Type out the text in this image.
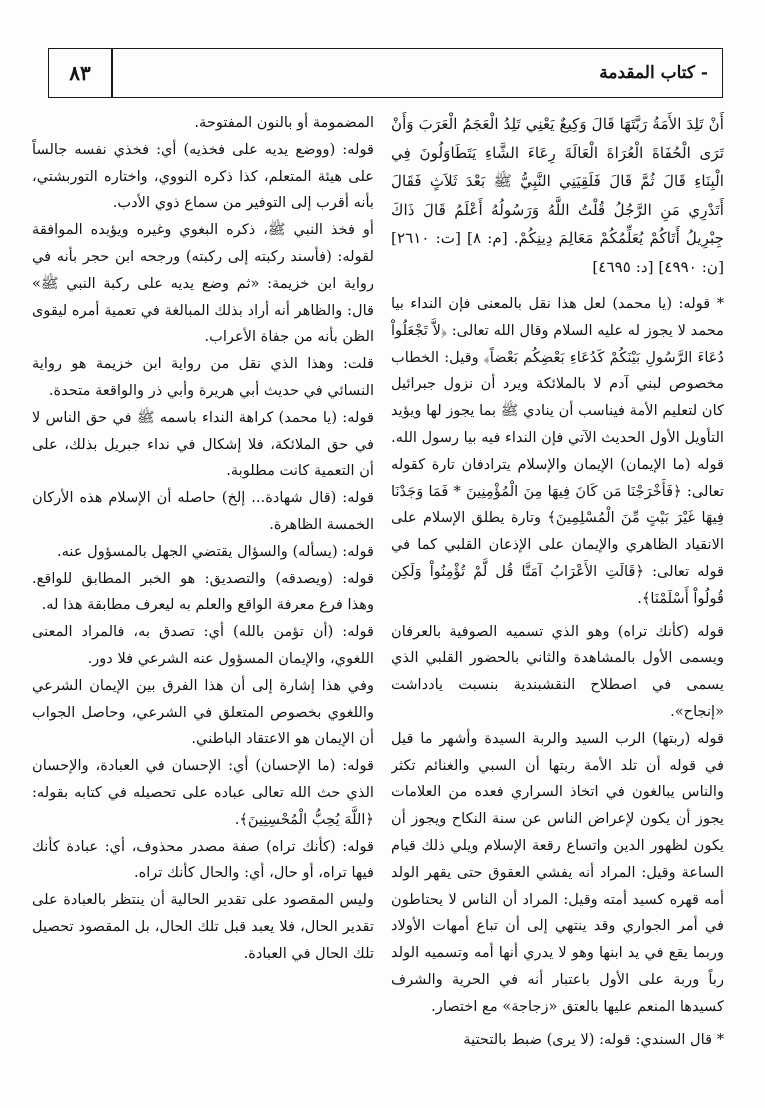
٨٣	- كتاب المقدمة

أَنْ تَلِدَ الأَمَةُ رَبَّتَهَا قَالَ وَكِيعٌ يَعْنِي تَلِدُ الْعَجَمُ الْعَرَبَ وَأَنْ تَرَى الْحُفَاةَ الْعُرَاةَ الْعَالَةَ رِعَاءَ الشَّاءِ يَتَطَاوَلُونَ فِي الْبِنَاءِ قَالَ ثُمَّ قَالَ فَلَقِيَنِي النَّبِيُّ ﷺ بَعْدَ ثَلاَثٍ فَقَالَ أَتَدْرِي مَنِ الرَّجُلُ قُلْتُ اللَّهُ وَرَسُولُهُ أَعْلَمُ قَالَ ذَاكَ جِبْرِيلُ أَتَاكُمْ يُعَلِّمُكُمْ مَعَالِمَ دِينِكُمْ. [م: ٨] [ت: ٢٦١٠] [ن: ٤٩٩٠] [د: ٤٦٩٥]

* قوله: (يا محمد) لعل هذا نقل بالمعنى فإن النداء بيا محمد لا يجوز له عليه السلام وقال الله تعالى: ﴿لاَّ تَجْعَلُواْ دُعَاءَ الرَّسُولِ بَيْنَكُمْ كَدُعَاءِ بَعْضِكُم بَعْضاً﴾ وقيل: الخطاب مخصوص لبني آدم لا بالملائكة ويرد أن نزول جبرائيل كان لتعليم الأمة فيناسب أن ينادي ﷺ بما يجوز لها ويؤيد التأويل الأول الحديث الآتي فإن النداء فيه بيا رسول الله.

قوله (ما الإيمان) الإيمان والإسلام يترادفان تارة كقوله تعالى: ﴿فَأَخْرَجْنَا مَن كَانَ فِيهَا مِنَ الْمُؤْمِنِينَ * فَمَا وَجَدْنَا فِيهَا غَيْرَ بَيْتٍ مِّنَ الْمُسْلِمِينَ﴾ وتارة يطلق الإسلام على الانقياد الظاهري والإيمان على الإذعان القلبي كما في قوله تعالى: ﴿قَالَتِ الأَعْرَابُ آمَنَّا قُل لَّمْ تُؤْمِنُواْ وَلَكِن قُولُواْ أَسْلَمْنَا﴾.

قوله (كأنك تراه) وهو الذي تسميه الصوفية بالعرفان ويسمى الأول بالمشاهدة والثاني بالحضور القلبي الذي يسمى في اصطلاح النقشبندية بنسبت يادداشت «إنجاح».

قوله (ربتها) الرب السيد والربة السيدة وأشهر ما قيل في قوله أن تلد الأمة ربتها أن السبي والغنائم تكثر والناس يبالغون في اتخاذ السراري فعده من العلامات يجوز أن يكون لإعراض الناس عن سنة النكاح ويجوز أن يكون لظهور الدين واتساع رقعة الإسلام ويلي ذلك قيام الساعة وقيل: المراد أنه يفشي العقوق حتى يقهر الولد أمه قهره كسيد أمته وقيل: المراد أن الناس لا يحتاطون في أمر الجواري وقد ينتهي إلى أن تباع أمهات الأولاد وربما يقع في يد ابنها وهو لا يدري أنها أمه وتسميه الولد رباً وربة على الأول باعتبار أنه في الحرية والشرف كسيدها المنعم عليها بالعتق «زجاجة» مع اختصار.

* قال السندي: قوله: (لا يرى) ضبط بالتحتية

المضمومة أو بالنون المفتوحة.

قوله: (ووضع يديه على فخذيه) أي: فخذي نفسه جالساً على هيئة المتعلم، كذا ذكره النووي، واختاره التوربشتي، بأنه أقرب إلى التوفير من سماع ذوي الأدب.

أو فخذ النبي ﷺ، ذكره البغوي وغيره ويؤيده الموافقة لقوله: (فأسند ركبته إلى ركبته) ورجحه ابن حجر بأنه في رواية ابن خزيمة: «ثم وضع يديه على ركبة النبي ﷺ» قال: والظاهر أنه أراد بذلك المبالغة في تعمية أمره ليقوى الظن بأنه من جفاة الأعراب.

قلت: وهذا الذي نقل من رواية ابن خزيمة هو رواية النسائي في حديث أبي هريرة وأبي ذر والواقعة متحدة.

قوله: (يا محمد) كراهة النداء باسمه ﷺ في حق الناس لا في حق الملائكة، فلا إشكال في نداء جبريل بذلك، على أن التعمية كانت مطلوبة.

قوله: (قال شهادة... إلخ) حاصله أن الإسلام هذه الأركان الخمسة الظاهرة.

قوله: (يسأله) والسؤال يقتضي الجهل بالمسؤول عنه.

قوله: (ويصدقه) والتصديق: هو الخبر المطابق للواقع. وهذا فرع معرفة الواقع والعلم به ليعرف مطابقة هذا له.

قوله: (أن تؤمن بالله) أي: تصدق به، فالمراد المعنى اللغوي، والإيمان المسؤول عنه الشرعي فلا دور.

وفي هذا إشارة إلى أن هذا الفرق بين الإيمان الشرعي واللغوي بخصوص المتعلق في الشرعي، وحاصل الجواب أن الإيمان هو الاعتقاد الباطني.

قوله: (ما الإحسان) أي: الإحسان في العبادة، والإحسان الذي حث الله تعالى عباده على تحصيله في كتابه بقوله: ﴿اللَّهَ يُحِبُّ الْمُحْسِنِينَ﴾.

قوله: (كأنك تراه) صفة مصدر محذوف، أي: عبادة كأنك فيها تراه، أو حال، أي: والحال كأنك تراه.

وليس المقصود على تقدير الحالية أن ينتظر بالعبادة على تقدير الحال، فلا يعبد قبل تلك الحال، بل المقصود تحصيل تلك الحال في العبادة.
